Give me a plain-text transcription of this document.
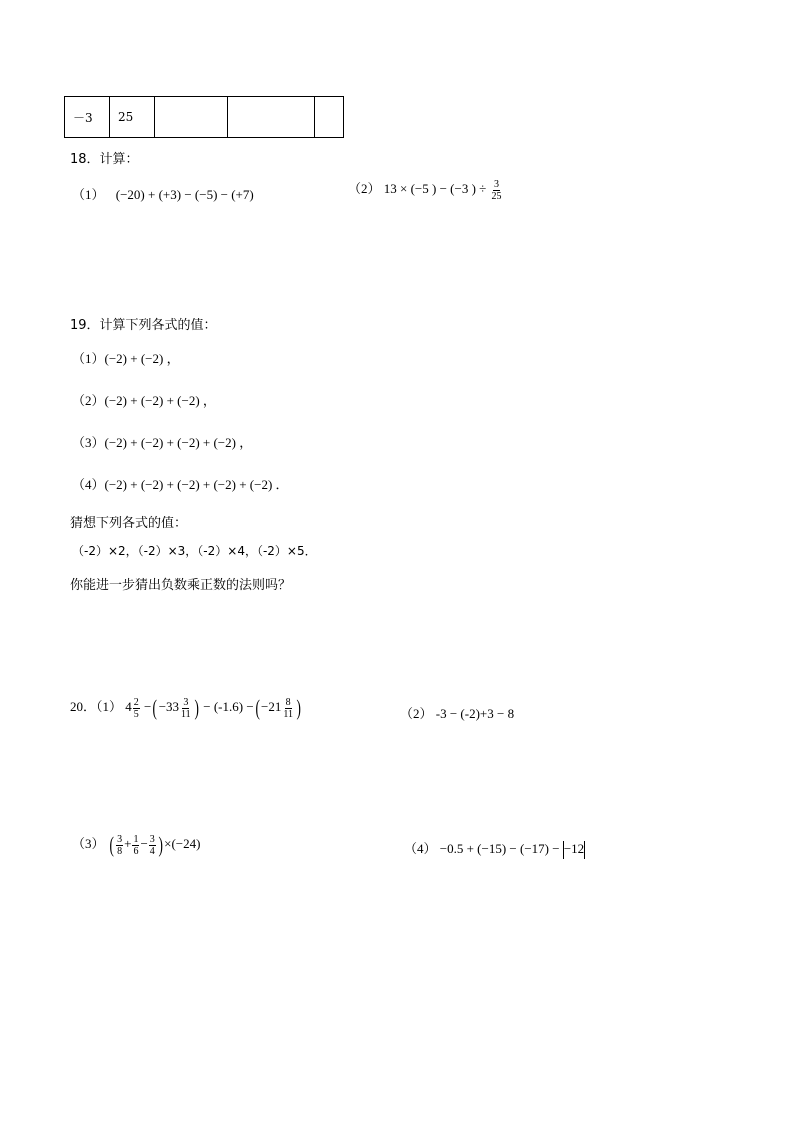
－3	25			
18．计算：
（1） (−20) + (+3) − (−5) − (+7)	（2） 13 × (−5 ) − (−3 ) ÷ $\frac{3}{25}$
19．计算下列各式的值：
（1）(−2) + (−2) ，
（2）(−2) + (−2) + (−2) ，
（3）(−2) + (−2) + (−2) + (−2) ，
（4）(−2) + (−2) + (−2) + (−2) + (−2) ．
猜想下列各式的值：
（-2）×2，（-2）×3，（-2）×4，（-2）×5．
你能进一步猜出负数乘正数的法则吗？
20．（1） $4 \frac{2}{5} -(-33 \frac{3}{11}$ ) − $(-1.6) -(-21 \frac{8}{11}$ )	（2） -3 − (-2)+3 − 8
（3） ( $\frac{3}{8} + \frac{1}{6} - \frac{3}{4} )\times(-24)$	（4） −0.5 + (−15) − (−17) − −12
